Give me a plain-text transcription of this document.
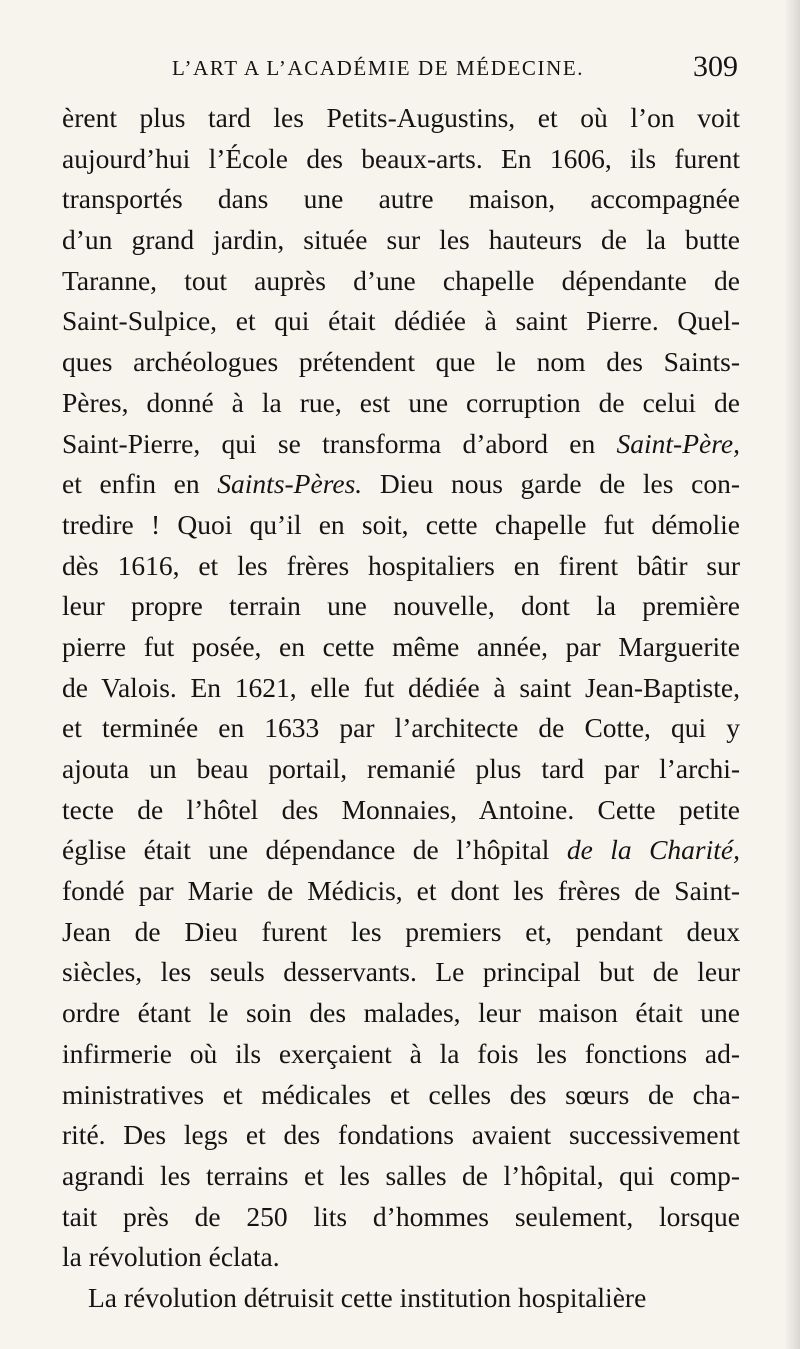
L’ART A L’ACADÉMIE DE MÉDECINE.	309
èrent plus tard les Petits-Augustins, et où l’on voit
aujourd’hui l’École des beaux-arts. En 1606, ils furent
transportés dans une autre maison, accompagnée
d’un grand jardin, située sur les hauteurs de la butte
Taranne, tout auprès d’une chapelle dépendante de
Saint-Sulpice, et qui était dédiée à saint Pierre. Quel-
ques archéologues prétendent que le nom des Saints-
Pères, donné à la rue, est une corruption de celui de
Saint-Pierre, qui se transforma d’abord en Saint-Père,
et enfin en Saints-Pères. Dieu nous garde de les con-
tredire ! Quoi qu’il en soit, cette chapelle fut démolie
dès 1616, et les frères hospitaliers en firent bâtir sur
leur propre terrain une nouvelle, dont la première
pierre fut posée, en cette même année, par Marguerite
de Valois. En 1621, elle fut dédiée à saint Jean-Baptiste,
et terminée en 1633 par l’architecte de Cotte, qui y
ajouta un beau portail, remanié plus tard par l’archi-
tecte de l’hôtel des Monnaies, Antoine. Cette petite
église était une dépendance de l’hôpital de la Charité,
fondé par Marie de Médicis, et dont les frères de Saint-
Jean de Dieu furent les premiers et, pendant deux
siècles, les seuls desservants. Le principal but de leur
ordre étant le soin des malades, leur maison était une
infirmerie où ils exerçaient à la fois les fonctions ad-
ministratives et médicales et celles des sœurs de cha-
rité. Des legs et des fondations avaient successivement
agrandi les terrains et les salles de l’hôpital, qui comp-
tait près de 250 lits d’hommes seulement, lorsque
la révolution éclata.
La révolution détruisit cette institution hospitalière
